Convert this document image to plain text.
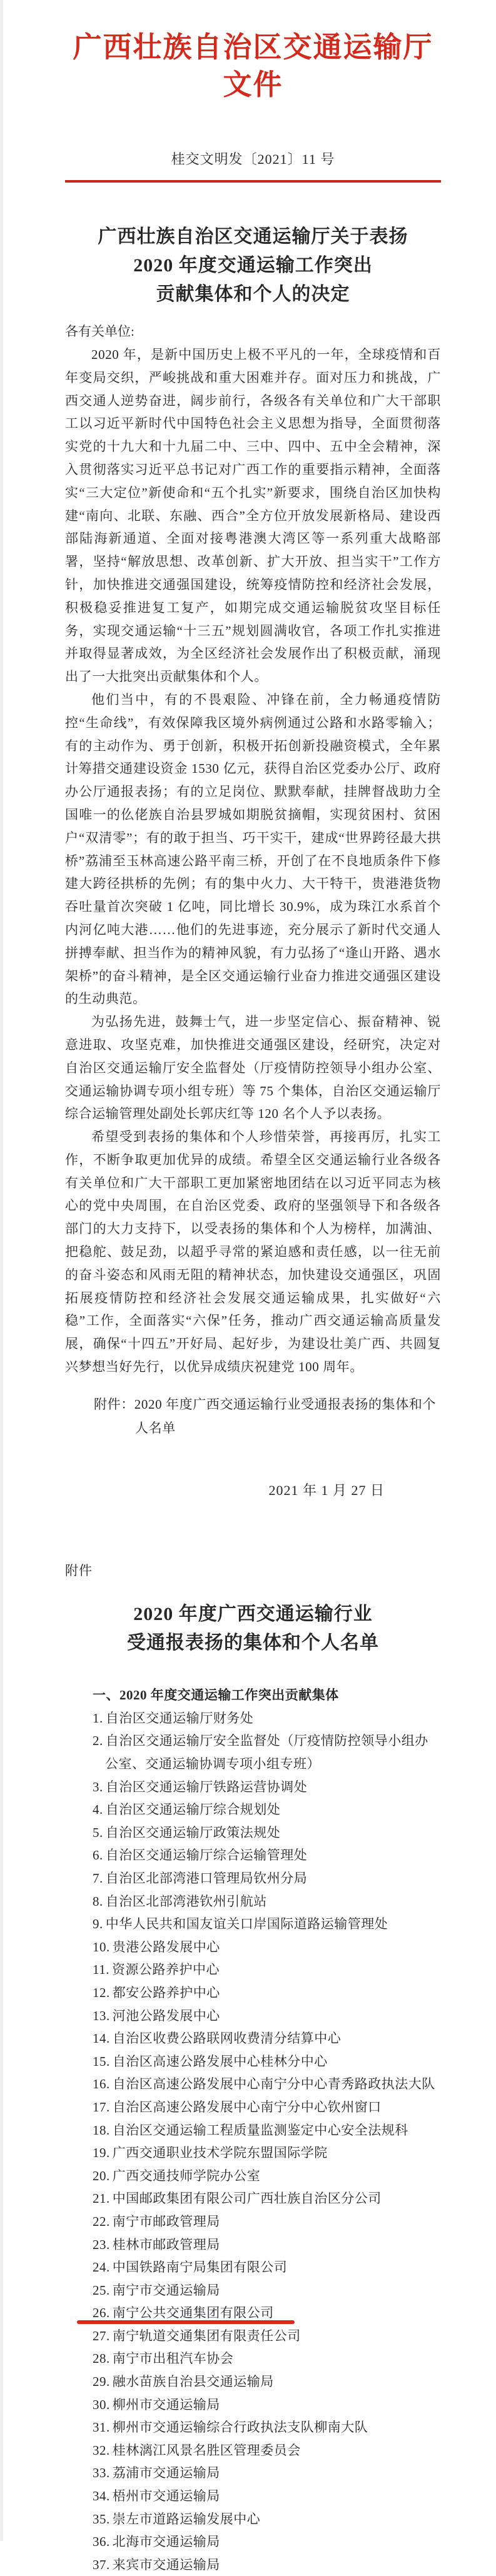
广西壮族自治区交通运输厅文件
桂交文明发〔2021〕11 号
广西壮族自治区交通运输厅关于表扬
2020 年度交通运输工作突出
贡献集体和个人的决定
各有关单位:

2020 年，是新中国历史上极不平凡的一年，全球疫情和百年变局交织，严峻挑战和重大困难并存。面对压力和挑战，广西交通人逆势奋进，阔步前行，各级各有关单位和广大干部职工以习近平新时代中国特色社会主义思想为指导，全面贯彻落实党的十九大和十九届二中、三中、四中、五中全会精神，深入贯彻落实习近平总书记对广西工作的重要指示精神，全面落实“三大定位”新使命和“五个扎实”新要求，围绕自治区加快构建“南向、北联、东融、西合”全方位开放发展新格局、建设西部陆海新通道、全面对接粤港澳大湾区等一系列重大战略部署，坚持“解放思想、改革创新、扩大开放、担当实干”工作方针，加快推进交通强国建设，统筹疫情防控和经济社会发展，积极稳妥推进复工复产，如期完成交通运输脱贫攻坚目标任务，实现交通运输“十三五”规划圆满收官，各项工作扎实推进并取得显著成效，为全区经济社会发展作出了积极贡献，涌现出了一大批突出贡献集体和个人。

他们当中，有的不畏艰险、冲锋在前，全力畅通疫情防控“生命线”，有效保障我区境外病例通过公路和水路零输入；有的主动作为、勇于创新，积极开拓创新投融资模式，全年累计筹措交通建设资金 1530 亿元，获得自治区党委办公厅、政府办公厅通报表扬；有的立足岗位、默默奉献，挂牌督战助力全国唯一的仫佬族自治县罗城如期脱贫摘帽，实现贫困村、贫困户“双清零”；有的敢于担当、巧干实干，建成“世界跨径最大拱桥”荔浦至玉林高速公路平南三桥，开创了在不良地质条件下修建大跨径拱桥的先例；有的集中火力、大干特干，贵港港货物吞吐量首次突破 1 亿吨，同比增长 30.9%，成为珠江水系首个内河亿吨大港……他们的先进事迹，充分展示了新时代交通人拼搏奉献、担当作为的精神风貌，有力弘扬了“逢山开路、遇水架桥”的奋斗精神，是全区交通运输行业奋力推进交通强区建设的生动典范。

为弘扬先进，鼓舞士气，进一步坚定信心、振奋精神、锐意进取、攻坚克难，加快推进交通强区建设，经研究，决定对自治区交通运输厅安全监督处（厅疫情防控领导小组办公室、交通运输协调专项小组专班）等 75 个集体，自治区交通运输厅综合运输管理处副处长郭庆红等 120 名个人予以表扬。

希望受到表扬的集体和个人珍惜荣誉，再接再厉，扎实工作，不断争取更加优异的成绩。希望全区交通运输行业各级各有关单位和广大干部职工更加紧密地团结在以习近平同志为核心的党中央周围，在自治区党委、政府的坚强领导下和各级各部门的大力支持下，以受表扬的集体和个人为榜样，加满油、把稳舵、鼓足劲，以超乎寻常的紧迫感和责任感，以一往无前的奋斗姿态和风雨无阻的精神状态，加快建设交通强区，巩固拓展疫情防控和经济社会发展交通运输成果，扎实做好“六稳”工作，全面落实“六保”任务，推动广西交通运输高质量发展，确保“十四五”开好局、起好步，为建设壮美广西、共圆复兴梦想当好先行，以优异成绩庆祝建党 100 周年。

附件：2020 年度广西交通运输行业受通报表扬的集体和个人名单
2021 年 1 月 27 日
附件
2020 年度广西交通运输行业
受通报表扬的集体和个人名单
一、2020 年度交通运输工作突出贡献集体
1. 自治区交通运输厅财务处
2. 自治区交通运输厅安全监督处（厅疫情防控领导小组办公室、交通运输协调专项小组专班）
3. 自治区交通运输厅铁路运营协调处
4. 自治区交通运输厅综合规划处
5. 自治区交通运输厅政策法规处
6. 自治区交通运输厅综合运输管理处
7. 自治区北部湾港口管理局钦州分局
8. 自治区北部湾港钦州引航站
9. 中华人民共和国友谊关口岸国际道路运输管理处
10. 贵港公路发展中心
11. 资源公路养护中心
12. 都安公路养护中心
13. 河池公路发展中心
14. 自治区收费公路联网收费清分结算中心
15. 自治区高速公路发展中心桂林分中心
16. 自治区高速公路发展中心南宁分中心青秀路政执法大队
17. 自治区高速公路发展中心南宁分中心钦州窗口
18. 自治区交通运输工程质量监测鉴定中心安全法规科
19. 广西交通职业技术学院东盟国际学院
20. 广西交通技师学院办公室
21. 中国邮政集团有限公司广西壮族自治区分公司
22. 南宁市邮政管理局
23. 桂林市邮政管理局
24. 中国铁路南宁局集团有限公司
25. 南宁市交通运输局
26. 南宁公共交通集团有限公司
27. 南宁轨道交通集团有限责任公司
28. 南宁市出租汽车协会
29. 融水苗族自治县交通运输局
30. 柳州市交通运输局
31. 柳州市交通运输综合行政执法支队柳南大队
32. 桂林漓江风景名胜区管理委员会
33. 荔浦市交通运输局
34. 梧州市交通运输局
35. 崇左市道路运输发展中心
36. 北海市交通运输局
37. 来宾市交通运输局
